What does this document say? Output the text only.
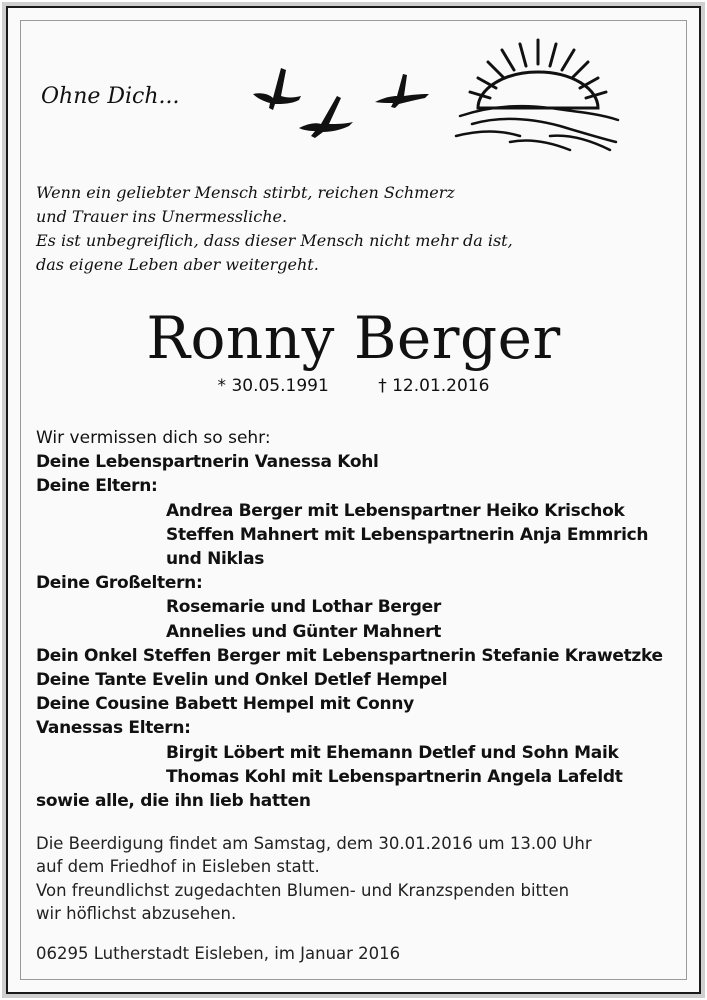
Ohne Dich...
Wenn ein geliebter Mensch stirbt, reichen Schmerz
und Trauer ins Unermessliche.
Es ist unbegreiflich, dass dieser Mensch nicht mehr da ist,
das eigene Leben aber weitergeht.
Ronny Berger
* 30.05.1991	† 12.01.2016
Wir vermissen dich so sehr:
Deine Lebenspartnerin Vanessa Kohl
Deine Eltern:
Andrea Berger mit Lebenspartner Heiko Krischok
Steffen Mahnert mit Lebenspartnerin Anja Emmrich
und Niklas
Deine Großeltern:
Rosemarie und Lothar Berger
Annelies und Günter Mahnert
Dein Onkel Steffen Berger mit Lebenspartnerin Stefanie Krawetzke
Deine Tante Evelin und Onkel Detlef Hempel
Deine Cousine Babett Hempel mit Conny
Vanessas Eltern:
Birgit Löbert mit Ehemann Detlef und Sohn Maik
Thomas Kohl mit Lebenspartnerin Angela Lafeldt
sowie alle, die ihn lieb hatten
Die Beerdigung findet am Samstag, dem 30.01.2016 um 13.00 Uhr
auf dem Friedhof in Eisleben statt.
Von freundlichst zugedachten Blumen- und Kranzspenden bitten
wir höflichst abzusehen.
06295 Lutherstadt Eisleben, im Januar 2016
